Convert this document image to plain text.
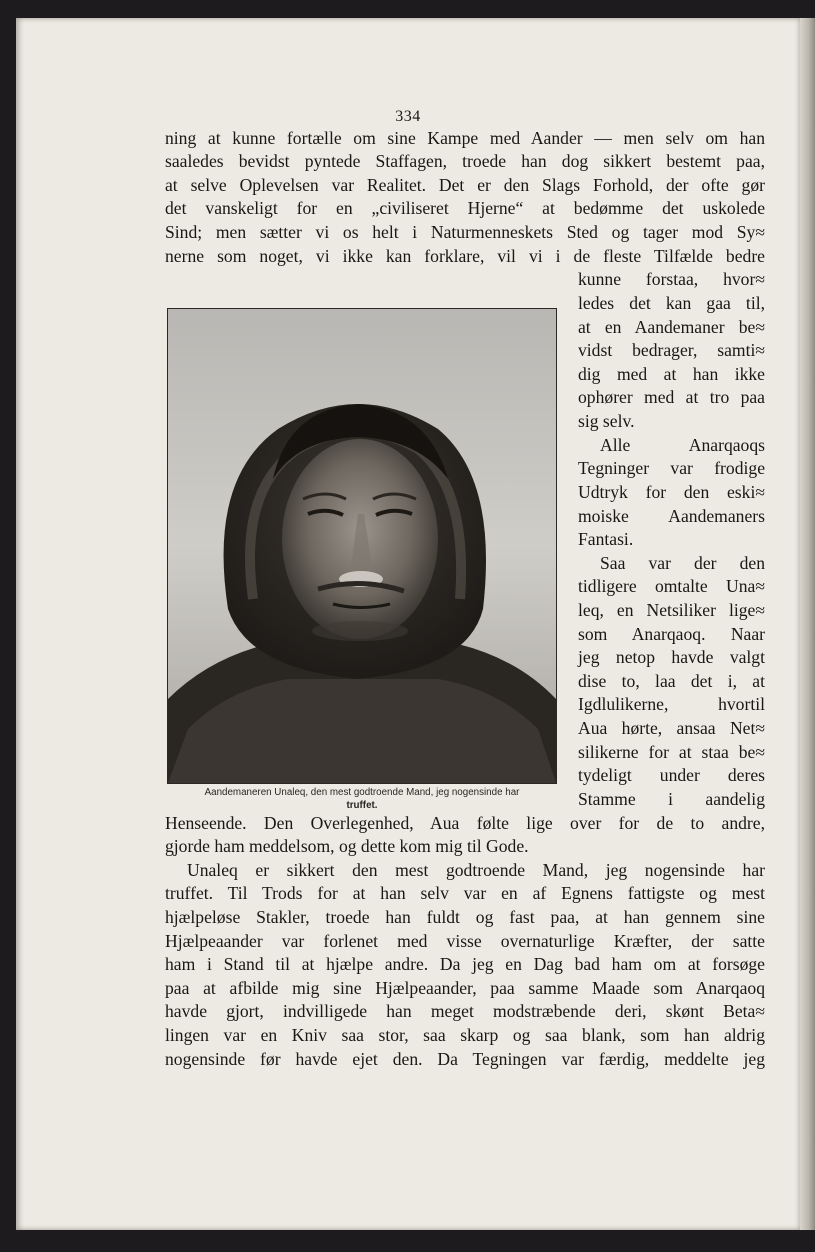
334
ning at kunne fortælle om sine Kampe med Aander — men selv om han
saaledes bevidst pyntede Staffagen, troede han dog sikkert bestemt paa,
at selve Oplevelsen var Realitet. Det er den Slags Forhold, der ofte gør
det vanskeligt for en „civiliseret Hjerne“ at bedømme det uskolede
Sind; men sætter vi os helt i Naturmenneskets Sted og tager mod Sy≈
nerne som noget, vi ikke kan forklare, vil vi i de fleste Tilfælde bedre
Aandemaneren Unaleq, den mest godtroende Mand, jeg nogensinde har
truffet.
kunne forstaa, hvor≈
ledes det kan gaa til,
at en Aandemaner be≈
vidst bedrager, samti≈
dig med at han ikke
ophører med at tro paa
sig selv.
Alle Anarqaoqs
Tegninger var frodige
Udtryk for den eski≈
moiske Aandemaners
Fantasi.
Saa var der den
tidligere omtalte Una≈
leq, en Netsiliker lige≈
som Anarqaoq. Naar
jeg netop havde valgt
dise to, laa det i, at
Igdlulikerne, hvortil
Aua hørte, ansaa Net≈
silikerne for at staa be≈
tydeligt under deres
Stamme i aandelig
Henseende. Den Overlegenhed, Aua følte lige over for de to andre,
gjorde ham meddelsom, og dette kom mig til Gode.
Unaleq er sikkert den mest godtroende Mand, jeg nogensinde har
truffet. Til Trods for at han selv var en af Egnens fattigste og mest
hjælpeløse Stakler, troede han fuldt og fast paa, at han gennem sine
Hjælpeaander var forlenet med visse overnaturlige Kræfter, der satte
ham i Stand til at hjælpe andre. Da jeg en Dag bad ham om at forsøge
paa at afbilde mig sine Hjælpeaander, paa samme Maade som Anarqaoq
havde gjort, indvilligede han meget modstræbende deri, skønt Beta≈
lingen var en Kniv saa stor, saa skarp og saa blank, som han aldrig
nogensinde før havde ejet den. Da Tegningen var færdig, meddelte jeg
